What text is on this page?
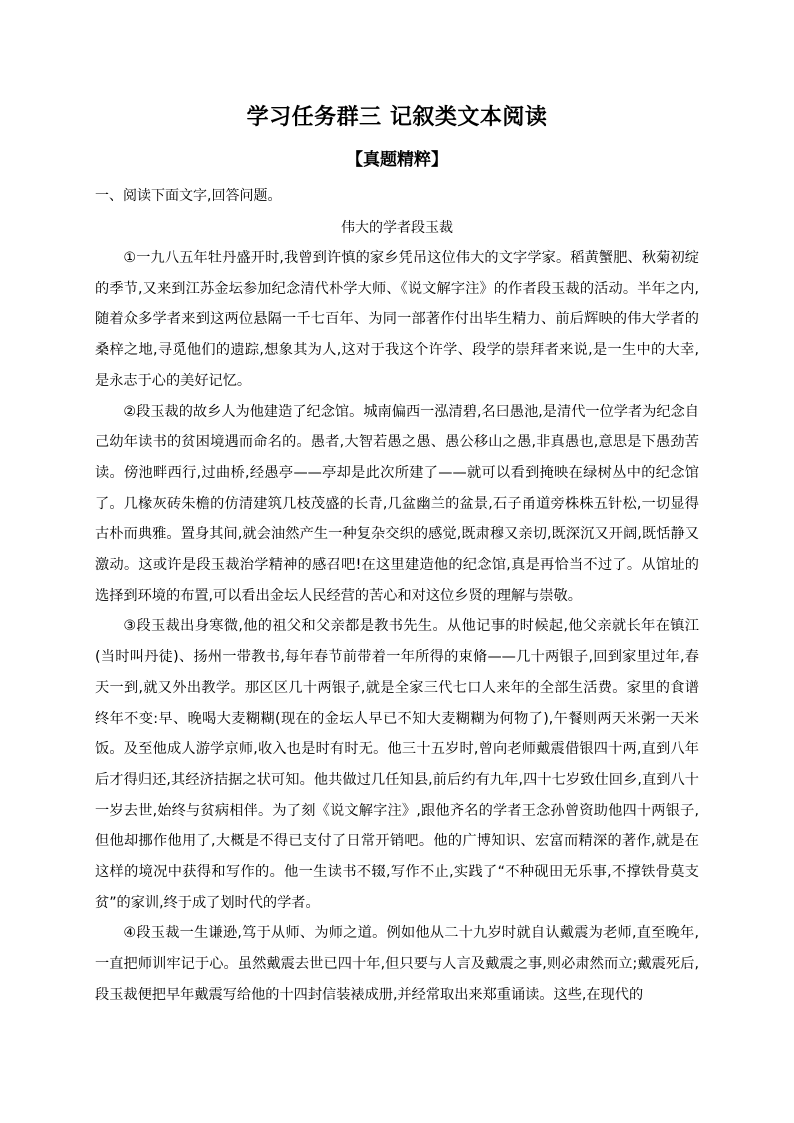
学习任务群三 记叙类文本阅读
【真题精粹】
一、阅读下面文字,回答问题。
伟大的学者段玉裁

①一九八五年牡丹盛开时,我曾到许慎的家乡凭吊这位伟大的文字学家。稻黄蟹肥、秋菊初绽的季节,又来到江苏金坛参加纪念清代朴学大师、《说文解字注》的作者段玉裁的活动。半年之内,随着众多学者来到这两位悬隔一千七百年、为同一部著作付出毕生精力、前后辉映的伟大学者的桑梓之地,寻觅他们的遗踪,想象其为人,这对于我这个许学、段学的崇拜者来说,是一生中的大幸,是永志于心的美好记忆。

②段玉裁的故乡人为他建造了纪念馆。城南偏西一泓清碧,名曰愚池,是清代一位学者为纪念自己幼年读书的贫困境遇而命名的。愚者,大智若愚之愚、愚公移山之愚,非真愚也,意思是下愚劲苦读。傍池畔西行,过曲桥,经愚亭——亭却是此次所建了——就可以看到掩映在绿树丛中的纪念馆了。几椽灰砖朱檐的仿清建筑几枝茂盛的长青,几盆幽兰的盆景,石子甬道旁株株五针松,一切显得古朴而典雅。置身其间,就会油然产生一种复杂交织的感觉,既肃穆又亲切,既深沉又开阔,既恬静又激动。这或许是段玉裁治学精神的感召吧!在这里建造他的纪念馆,真是再恰当不过了。从馆址的选择到环境的布置,可以看出金坛人民经营的苦心和对这位乡贤的理解与崇敬。

③段玉裁出身寒微,他的祖父和父亲都是教书先生。从他记事的时候起,他父亲就长年在镇江(当时叫丹徒)、扬州一带教书,每年春节前带着一年所得的束脩——几十两银子,回到家里过年,春天一到,就又外出教学。那区区几十两银子,就是全家三代七口人来年的全部生活费。家里的食谱终年不变:早、晚喝大麦糊糊(现在的金坛人早已不知大麦糊糊为何物了),午餐则两天米粥一天米饭。及至他成人游学京师,收入也是时有时无。他三十五岁时,曾向老师戴震借银四十两,直到八年后才得归还,其经济拮据之状可知。他共做过几任知县,前后约有九年,四十七岁致仕回乡,直到八十一岁去世,始终与贫病相伴。为了刻《说文解字注》,跟他齐名的学者王念孙曾资助他四十两银子,但他却挪作他用了,大概是不得已支付了日常开销吧。他的广博知识、宏富而精深的著作,就是在这样的境况中获得和写作的。他一生读书不辍,写作不止,实践了“不种砚田无乐事,不撑铁骨莫支贫”的家训,终于成了划时代的学者。

④段玉裁一生谦逊,笃于从师、为师之道。例如他从二十九岁时就自认戴震为老师,直至晚年,一直把师训牢记于心。虽然戴震去世已四十年,但只要与人言及戴震之事,则必肃然而立;戴震死后,段玉裁便把早年戴震写给他的十四封信装裱成册,并经常取出来郑重诵读。这些,在现代的
